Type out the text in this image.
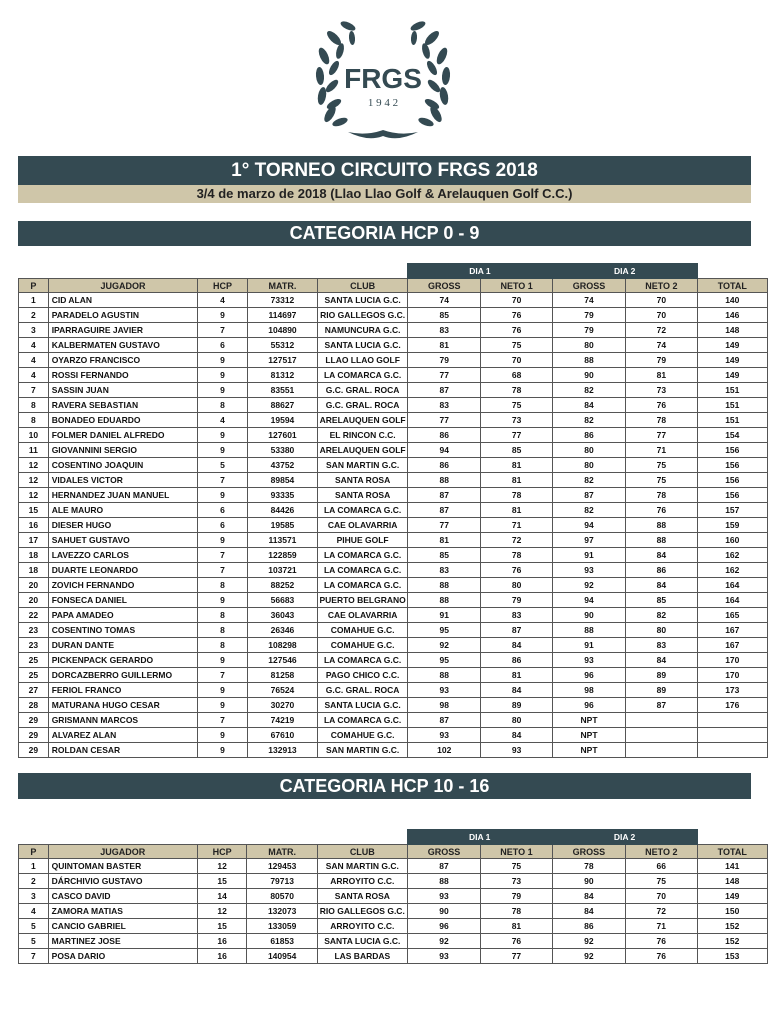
FRGS
1 9 4 2
1° TORNEO CIRCUITO FRGS 2018
3/4 de marzo de 2018 (Llao Llao Golf & Arelauquen Golf C.C.)
CATEGORIA HCP 0 - 9
					DIA 1		DIA 2		
P	JUGADOR	HCP	MATR.	CLUB	GROSS	NETO 1	GROSS	NETO 2	TOTAL
1	CID ALAN	4	73312	SANTA LUCIA G.C.	74	70	74	70	140
2	PARADELO AGUSTIN	9	114697	RIO GALLEGOS G.C.	85	76	79	70	146
3	IPARRAGUIRE JAVIER	7	104890	NAMUNCURA G.C.	83	76	79	72	148
4	KALBERMATEN GUSTAVO	6	55312	SANTA LUCIA G.C.	81	75	80	74	149
4	OYARZO FRANCISCO	9	127517	LLAO LLAO GOLF	79	70	88	79	149
4	ROSSI FERNANDO	9	81312	LA COMARCA G.C.	77	68	90	81	149
7	SASSIN JUAN	9	83551	G.C. GRAL. ROCA	87	78	82	73	151
8	RAVERA SEBASTIAN	8	88627	G.C. GRAL. ROCA	83	75	84	76	151
8	BONADEO EDUARDO	4	19594	ARELAUQUEN GOLF	77	73	82	78	151
10	FOLMER DANIEL ALFREDO	9	127601	EL RINCON C.C.	86	77	86	77	154
11	GIOVANNINI SERGIO	9	53380	ARELAUQUEN GOLF	94	85	80	71	156
12	COSENTINO JOAQUIN	5	43752	SAN MARTIN G.C.	86	81	80	75	156
12	VIDALES VICTOR	7	89854	SANTA ROSA	88	81	82	75	156
12	HERNANDEZ JUAN MANUEL	9	93335	SANTA ROSA	87	78	87	78	156
15	ALE MAURO	6	84426	LA COMARCA G.C.	87	81	82	76	157
16	DIESER HUGO	6	19585	CAE OLAVARRIA	77	71	94	88	159
17	SAHUET GUSTAVO	9	113571	PIHUE GOLF	81	72	97	88	160
18	LAVEZZO CARLOS	7	122859	LA COMARCA G.C.	85	78	91	84	162
18	DUARTE LEONARDO	7	103721	LA COMARCA G.C.	83	76	93	86	162
20	ZOVICH FERNANDO	8	88252	LA COMARCA G.C.	88	80	92	84	164
20	FONSECA DANIEL	9	56683	PUERTO BELGRANO	88	79	94	85	164
22	PAPA AMADEO	8	36043	CAE OLAVARRIA	91	83	90	82	165
23	COSENTINO TOMAS	8	26346	COMAHUE G.C.	95	87	88	80	167
23	DURAN DANTE	8	108298	COMAHUE G.C.	92	84	91	83	167
25	PICKENPACK GERARDO	9	127546	LA COMARCA G.C.	95	86	93	84	170
25	DORCAZBERRO GUILLERMO	7	81258	PAGO CHICO C.C.	88	81	96	89	170
27	FERIOL FRANCO	9	76524	G.C. GRAL. ROCA	93	84	98	89	173
28	MATURANA HUGO CESAR	9	30270	SANTA LUCIA G.C.	98	89	96	87	176
29	GRISMANN MARCOS	7	74219	LA COMARCA G.C.	87	80	NPT		
29	ALVAREZ ALAN	9	67610	COMAHUE G.C.	93	84	NPT		
29	ROLDAN CESAR	9	132913	SAN MARTIN G.C.	102	93	NPT		
CATEGORIA HCP 10 - 16
					DIA 1		DIA 2		
P	JUGADOR	HCP	MATR.	CLUB	GROSS	NETO 1	GROSS	NETO 2	TOTAL
1	QUINTOMAN BASTER	12	129453	SAN MARTIN G.C.	87	75	78	66	141
2	DÁRCHIVIO GUSTAVO	15	79713	ARROYITO C.C.	88	73	90	75	148
3	CASCO DAVID	14	80570	SANTA ROSA	93	79	84	70	149
4	ZAMORA MATIAS	12	132073	RIO GALLEGOS G.C.	90	78	84	72	150
5	CANCIO GABRIEL	15	133059	ARROYITO C.C.	96	81	86	71	152
5	MARTINEZ JOSE	16	61853	SANTA LUCIA G.C.	92	76	92	76	152
7	POSA DARIO	16	140954	LAS BARDAS	93	77	92	76	153
